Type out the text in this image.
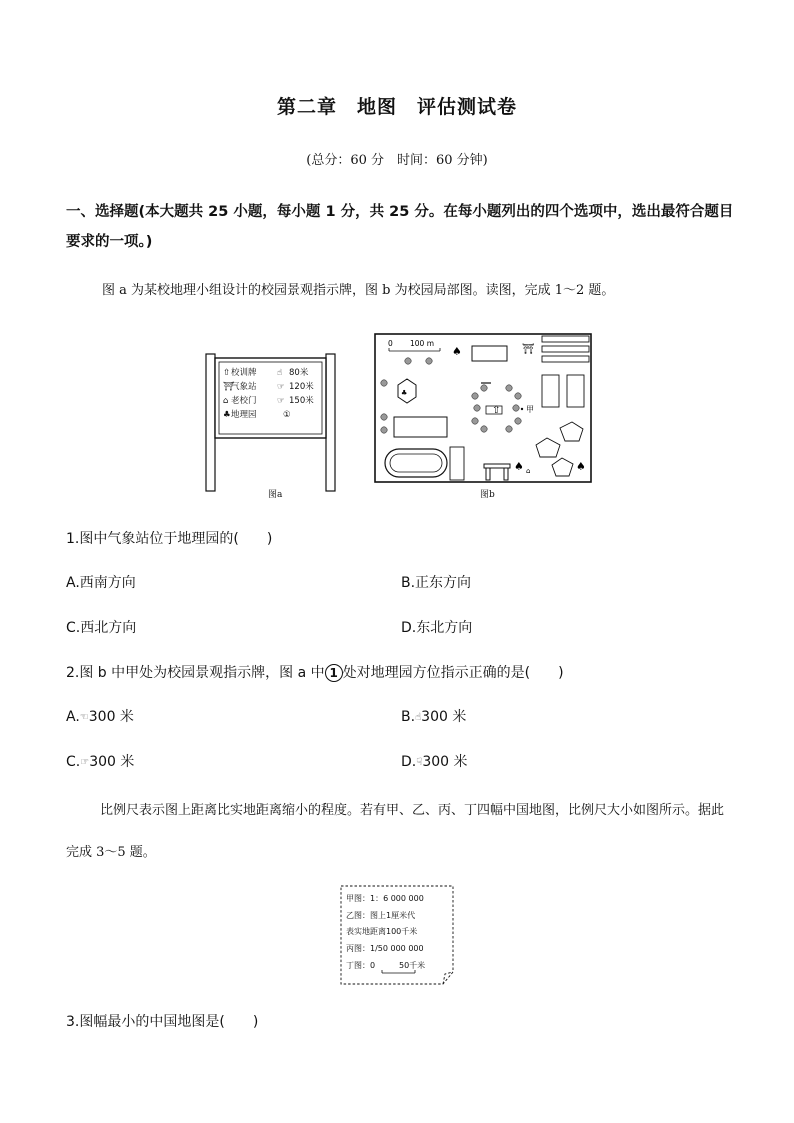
第二章　地图　评估测试卷
(总分：60 分　时间：60 分钟)
一、选择题(本大题共 25 小题，每小题 1 分，共 25 分。在每小题列出的四个选项中，选出最符合题目要求的一项。)
图 a 为某校地理小组设计的校园景观指示牌，图 b 为校园局部图。读图，完成 1～2 题。
⇧ 校训牌 ☝ 80米
⛩
气象站 ☞ 120米
⌂ 老校门 ☞ 150米
♣ 地理园	①
图a
0 100 m
♠
♠	♠
⛩
♣
⇧	甲
⌂
图b
1.图中气象站位于地理园的(　　)
A.西南方向	B.正东方向
C.西北方向	D.东北方向
2.图 b 中甲处为校园景观指示牌，图 a 中 1 处对地理园方位指示正确的是(　　)
A.☜300 米	B.☝300 米
C.☞300 米	D.☟300 米
比例尺表示图上距离比实地距离缩小的程度。若有甲、乙、丙、丁四幅中国地图，比例尺大小如图所示。据此完成 3～5 题。
甲图：1：6 000 000
乙图：图上1厘米代
表实地距离100千米
丙图：1/50 000 000
丁图：0	50千米
3.图幅最小的中国地图是(　　)
